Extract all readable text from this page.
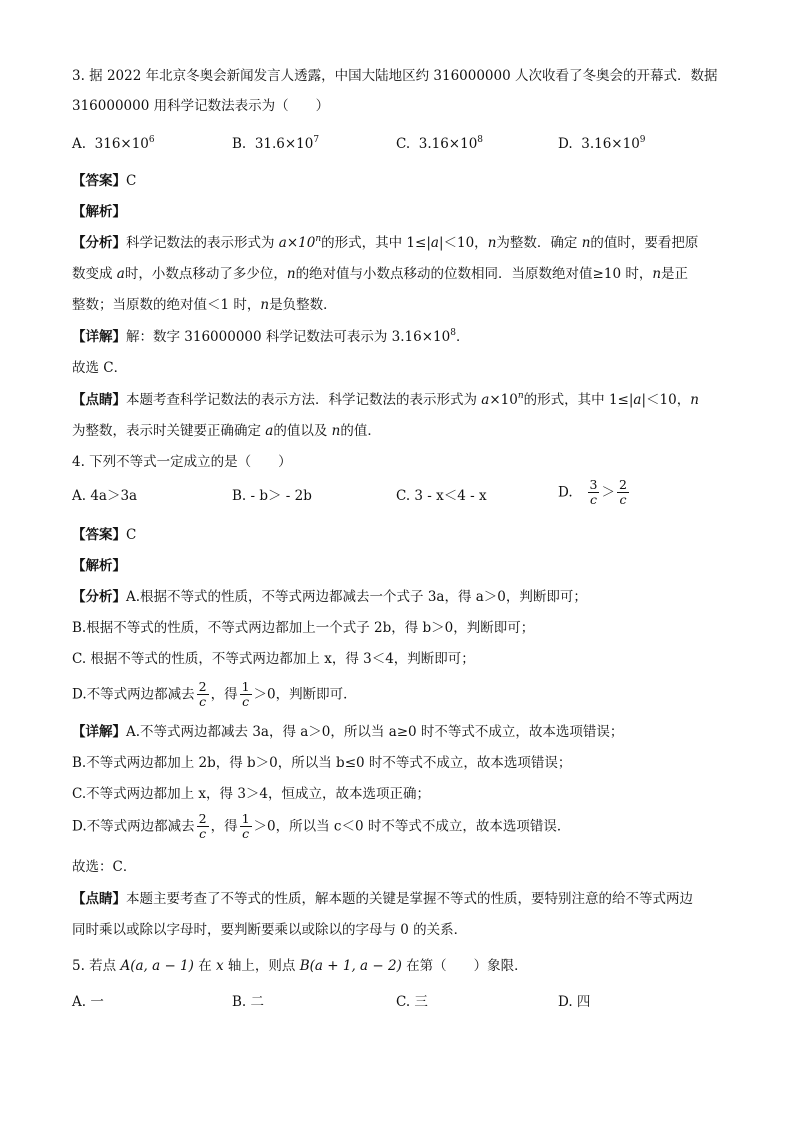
3. 据 2022 年北京冬奥会新闻发言人透露，中国大陆地区约 316000000 人次收看了冬奥会的开幕式．数据
316000000 用科学记数法表示为（　　）
A. $316\times 10^6$	B. $31.6\times 10^7$	C. $3.16\times 10^8$	D. $3.16\times 10^9$
【答案】C
【解析】
【分析】科学记数法的表示形式为 $a\times 10^n$的形式，其中 1≤|a|＜10，n为整数．确定 n的值时，要看把原
数变成 a时，小数点移动了多少位，n的绝对值与小数点移动的位数相同．当原数绝对值≥10 时，n是正
整数；当原数的绝对值＜1 时，n是负整数．
【详解】解：数字 316000000 科学记数法可表示为 $3.16\times 10^8$．
故选 C．
【点睛】本题考查科学记数法的表示方法．科学记数法的表示形式为 $a\times 10^n$的形式，其中 1≤|a|＜10，n
为整数，表示时关键要正确确定 a的值以及 n的值．
4. 下列不等式一定成立的是（　　）
A. 4a＞3a	B. - b＞ - 2b	C. 3 - x＜4 - x	D. $\frac{3}{c} > \frac{2}{c}$
【答案】C
【解析】
【分析】A.根据不等式的性质，不等式两边都减去一个式子 3a，得 a＞0，判断即可；
B.根据不等式的性质，不等式两边都加上一个式子 2b，得 b＞0，判断即可；
C. 根据不等式的性质，不等式两边都加上 x，得 3＜4，判断即可；
D.不等式两边都减去 $\frac{2}{c}$ ，得 $\frac{1}{c} >0$，判断即可．
【详解】A.不等式两边都减去 3a，得 a＞0，所以当 a≥0 时不等式不成立，故本选项错误；
B.不等式两边都加上 2b，得 b＞0，所以当 b≤0 时不等式不成立，故本选项错误；
C.不等式两边都加上 x，得 3＞4，恒成立，故本选项正确；
D.不等式两边都减去 $\frac{2}{c}$ ，得 $\frac{1}{c} >0$，所以当 c＜0 时不等式不成立，故本选项错误．
故选：C．
【点睛】本题主要考查了不等式的性质，解本题的关键是掌握不等式的性质，要特别注意的给不等式两边
同时乘以或除以字母时，要判断要乘以或除以的字母与 0 的关系．
5. 若点 A(a, a − 1) 在 x 轴上，则点 B(a + 1, a − 2) 在第（　　）象限．
A. 一	B. 二	C. 三	D. 四
